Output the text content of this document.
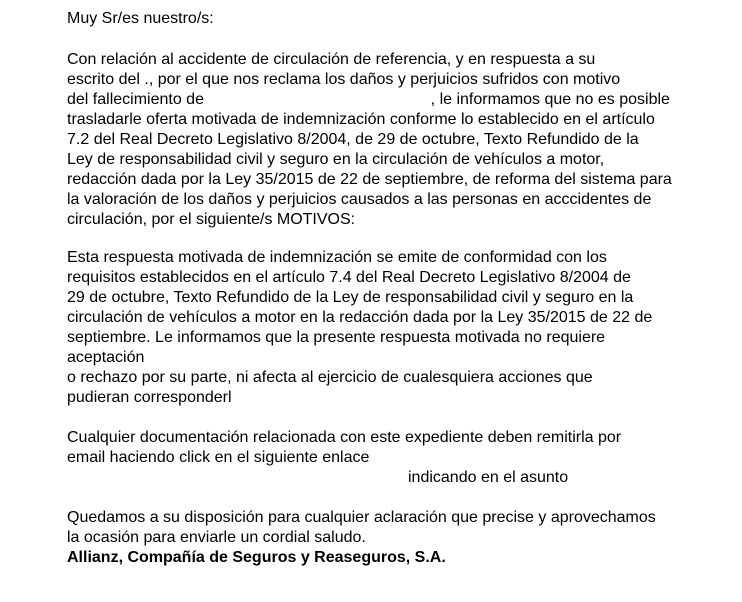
Muy Sr/es nuestro/s:
Con relación al accidente de circulación de referencia, y en respuesta a su
escrito del ., por el que nos reclama los daños y perjuicios sufridos con motivo
del fallecimiento de                                                   , le informamos que no es posible
trasladarle oferta motivada de indemnización conforme lo establecido en el artículo
7.2 del Real Decreto Legislativo 8/2004, de 29 de octubre, Texto Refundido de la
Ley de responsabilidad civil y seguro en la circulación de vehículos a motor,
redacción dada por la Ley 35/2015 de 22 de septiembre, de reforma del sistema para
la valoración de los daños y perjuicios causados a las personas en acccidentes de
circulación, por el siguiente/s MOTIVOS:
Esta respuesta motivada de indemnización se emite de conformidad con los
requisitos establecidos en el artículo 7.4 del Real Decreto Legislativo 8/2004 de
29 de octubre, Texto Refundido de la Ley de responsabilidad civil y seguro en la
circulación de vehículos a motor en la redacción dada por la Ley 35/2015 de 22 de
septiembre. Le informamos que la presente respuesta motivada no requiere
aceptación
o rechazo por su parte, ni afecta al ejercicio de cualesquiera acciones que
pudieran corresponderl
Cualquier documentación relacionada con este expediente deben remitirla por
email haciendo click en el siguiente enlace
indicando en el asunto
Quedamos a su disposición para cualquier aclaración que precise y aprovechamos
la ocasión para enviarle un cordial saludo.
Allianz, Compañía de Seguros y Reaseguros, S.A.
